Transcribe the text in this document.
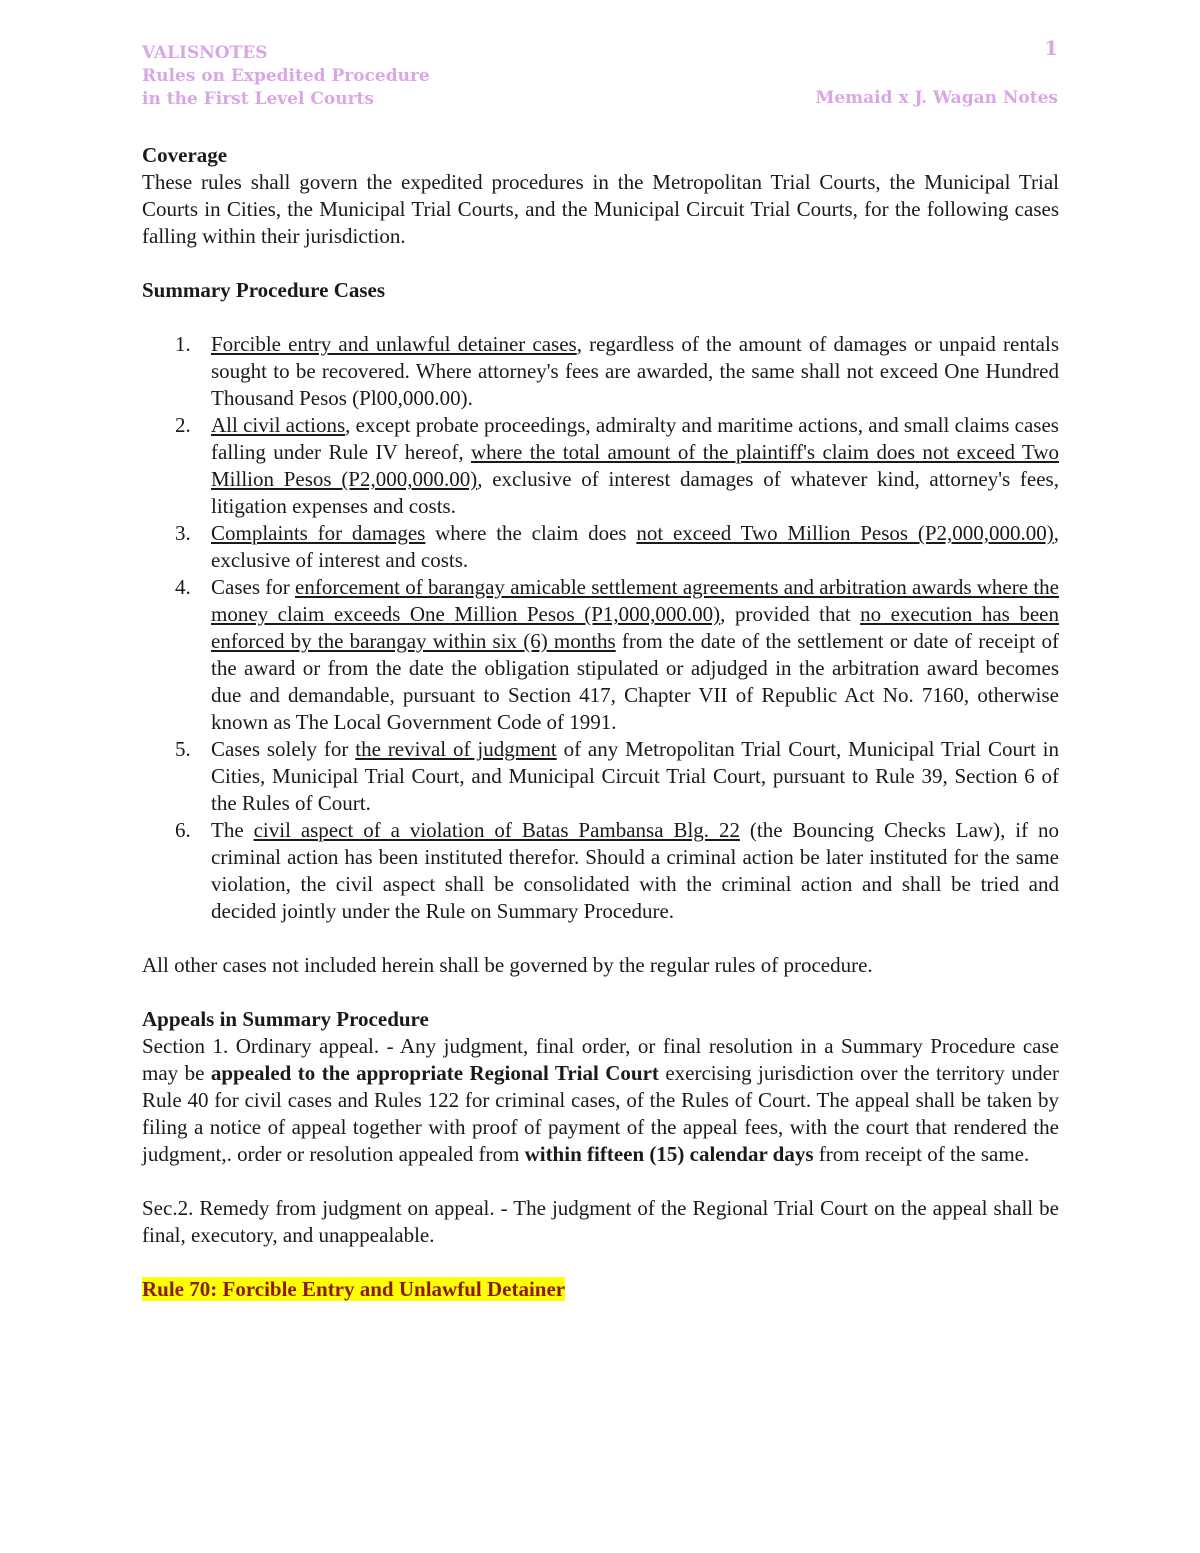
VALISNOTES
Rules on Expedited Procedure
in the First Level Courts
1
Memaid x J. Wagan Notes

Coverage

These rules shall govern the expedited procedures in the Metropolitan Trial Courts, the Municipal Trial Courts in Cities, the Municipal Trial Courts, and the Municipal Circuit Trial Courts, for the following cases falling within their jurisdiction.

Summary Procedure Cases

1. Forcible entry and unlawful detainer cases, regardless of the amount of damages or unpaid rentals sought to be recovered. Where attorney's fees are awarded, the same shall not exceed One Hundred Thousand Pesos (Pl00,000.00).
2. All civil actions, except probate proceedings, admiralty and maritime actions, and small claims cases falling under Rule IV hereof, where the total amount of the plaintiff's claim does not exceed Two Million Pesos (P2,000,000.00), exclusive of interest damages of whatever kind, attorney's fees, litigation expenses and costs.
3. Complaints for damages where the claim does not exceed Two Million Pesos (P2,000,000.00), exclusive of interest and costs.
4. Cases for enforcement of barangay amicable settlement agreements and arbitration awards where the money claim exceeds One Million Pesos (P1,000,000.00), provided that no execution has been enforced by the barangay within six (6) months from the date of the settlement or date of receipt of the award or from the date the obligation stipulated or adjudged in the arbitration award becomes due and demandable, pursuant to Section 417, Chapter VII of Republic Act No. 7160, otherwise known as The Local Government Code of 1991.
5. Cases solely for the revival of judgment of any Metropolitan Trial Court, Municipal Trial Court in Cities, Municipal Trial Court, and Municipal Circuit Trial Court, pursuant to Rule 39, Section 6 of the Rules of Court.
6. The civil aspect of a violation of Batas Pambansa Blg. 22 (the Bouncing Checks Law), if no criminal action has been instituted therefor. Should a criminal action be later instituted for the same violation, the civil aspect shall be consolidated with the criminal action and shall be tried and decided jointly under the Rule on Summary Procedure.

All other cases not included herein shall be governed by the regular rules of procedure.

Appeals in Summary Procedure

Section 1. Ordinary appeal. - Any judgment, final order, or final resolution in a Summary Procedure case may be appealed to the appropriate Regional Trial Court exercising jurisdiction over the territory under Rule 40 for civil cases and Rules 122 for criminal cases, of the Rules of Court. The appeal shall be taken by filing a notice of appeal together with proof of payment of the appeal fees, with the court that rendered the judgment,. order or resolution appealed from within fifteen (15) calendar days from receipt of the same.

Sec.2. Remedy from judgment on appeal. - The judgment of the Regional Trial Court on the appeal shall be final, executory, and unappealable.

Rule 70: Forcible Entry and Unlawful Detainer
